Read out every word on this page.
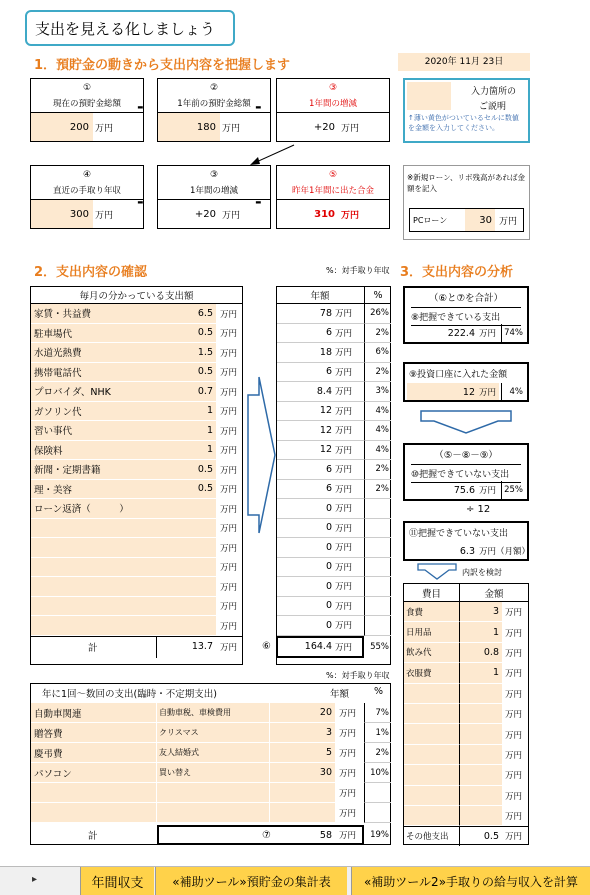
支出を見える化しましょう
1．預貯金の動きから支出内容を把握します	2020年 11月 23日
2．支出内容の確認	%：対手取り年収 3．支出内容の分析
毎月の分かっている支出額	年額	%
家賃・共益費	6.5 万円	78 万円	26%
駐車場代	0.5 万円	6 万円	2%
水道光熱費	1.5 万円	18 万円	6%
携帯電話代	0.5 万円	6 万円	2%
プロバイダ、NHK	0.7 万円	8.4 万円	3%
ガソリン代	1 万円	12 万円	4%
習い事代	1 万円	12 万円	4%
保険料	1 万円	12 万円	4%
新聞・定期書籍	0.5 万円	6 万円	2%
理・美容	0.5 万円	6 万円	2%
ローン返済（　　　）	万円	0 万円
万円	0 万円
万円	0 万円
万円	0 万円
万円	0 万円
万円	0 万円
万円	0 万円
計	13.7 万円 ⑥	164.4 万円	55%
%：対手取り年収
年に1回～数回の支出(臨時・不定期支出)	年額	%
自動車関連	自動車税、車検費用	20 万円	7%
贈答費	クリスマス	3 万円	1%
慶弔費	友人結婚式	5 万円	2%
パソコン	買い替え	30 万円	10%
万円
万円
計	⑦	58 万円	19%
（⑥と⑦を合計）
⑧把握できている支出
222.4 万円 74%
⑨投資口座に入れた金額
12 万円 4%
（⑤－⑧－⑨）
⑩把握できていない支出
75.6 万円 25%
÷ 12
⑪把握できていない支出
6.3 万円（月額）
内訳を検討
費目	金額
食費	3 万円
日用品	1 万円
飲み代	0.8 万円
衣服費	1 万円
万円
万円
万円
万円
万円
万円
万円
その他支出	0.5 万円
▸	年間収支	«補助ツール»預貯金の集計表	«補助ツール2»手取りの給与収入を計算
①
現在の預貯金総額
200 万円
②
1年前の預貯金総額
180 万円
③
1年間の増減
+20 万円
④
直近の手取り年収
300 万円
③
1年間の増減
+20 万円
⑤
昨年1年間に出た合金
310 万円
-	-
-	-
入力箇所の
ご説明
↑薄い黄色がついているセルに数値を金額を入力してください。
※新規ローン、リボ残高があれば金額を記入
PCローン	30 万円
